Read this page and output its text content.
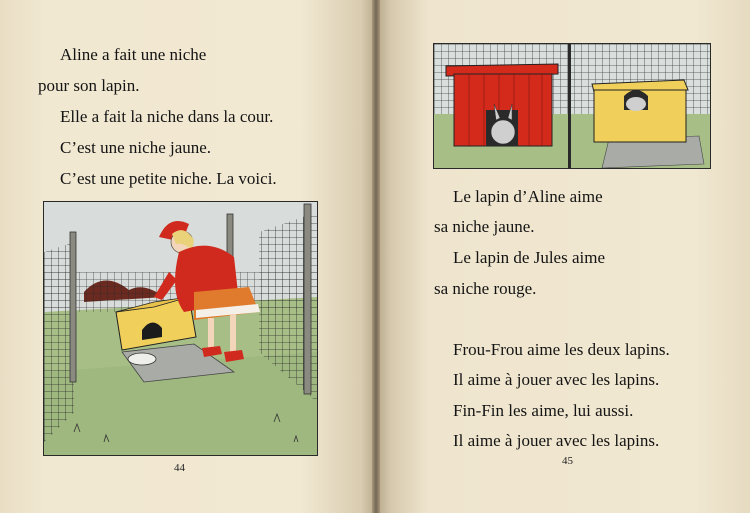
Aline a fait une niche
pour son lapin.
Elle a fait la niche dans la cour.
C’est une niche jaune.
C’est une petite niche. La voici.
44
Le lapin d’Aline aime
sa niche jaune.
Le lapin de Jules aime
sa niche rouge.
Frou-Frou aime les deux lapins.
Il aime à jouer avec les lapins.
Fin-Fin les aime, lui aussi.
Il aime à jouer avec les lapins.
45
